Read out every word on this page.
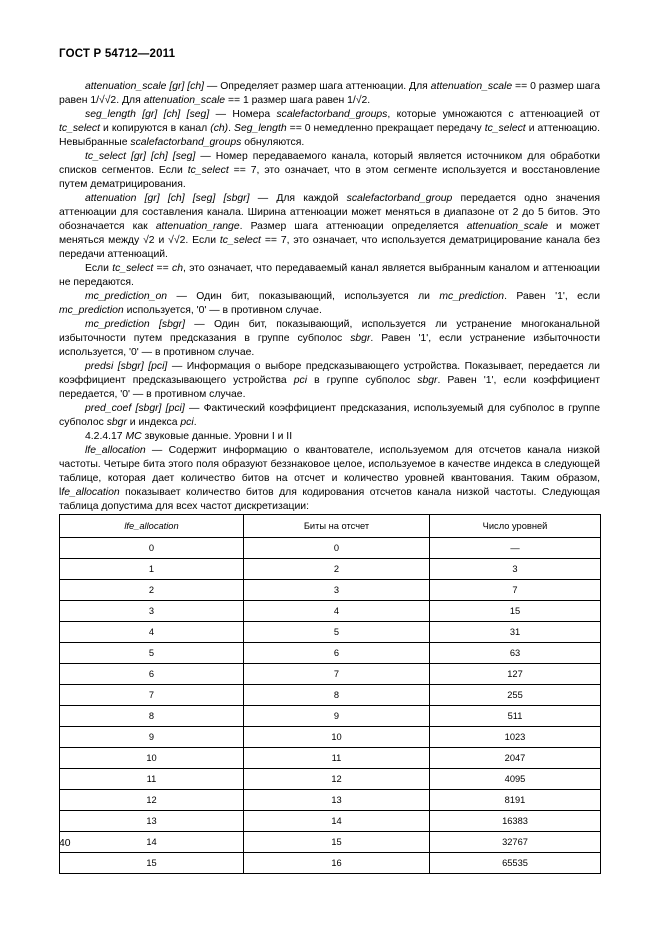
ГОСТ Р 54712—2011

attenuation_scale [gr] [ch] — Определяет размер шага аттенюации. Для attenuation_scale == 0 размер шага равен 1/√√2. Для attenuation_scale == 1 размер шага равен 1/√2.

seg_length [gr] [ch] [seg] — Номера scalefactorband_groups, которые умножаются с аттенюацией от tc_select и копируются в канал (ch). Seg_length == 0 немедленно прекращает передачу tc_select и аттенюацию. Невыбранные scalefactorband_groups обнуляются.

tc_select [gr] [ch] [seg] — Номер передаваемого канала, который является источником для обработки списков сегментов. Если tc_select == 7, это означает, что в этом сегменте используется и восстановление путем дематрицирования.

attenuation [gr] [ch] [seg] [sbgr] — Для каждой scalefactorband_group передается одно значения аттенюации для составления канала. Ширина аттенюации может меняться в диапазоне от 2 до 5 битов. Это обозначается как attenuation_range. Размер шага аттенюации определяется attenuation_scale и может меняться между √2 и √√2. Если tc_select == 7, это означает, что используется дематрицирование канала без передачи аттенюаций.

Если tc_select == ch, это означает, что передаваемый канал является выбранным каналом и аттенюации не передаются.

mc_prediction_on — Один бит, показывающий, используется ли mc_prediction. Равен '1', если mc_prediction используется, '0' — в противном случае.

mc_prediction [sbgr] — Один бит, показывающий, используется ли устранение многоканальной избыточности путем предсказания в группе субполос sbgr. Равен '1', если устранение избыточности используется, '0' — в противном случае.

predsi [sbgr] [pci] — Информация о выборе предсказывающего устройства. Показывает, передается ли коэффициент предсказывающего устройства pci в группе субполос sbgr. Равен '1', если коэффициент передается, '0' — в противном случае.

pred_coef [sbgr] [pci] — Фактический коэффициент предсказания, используемый для субполос в группе субполос sbgr и индекса pci.

4.2.4.17 MC звуковые данные. Уровни I и II

lfe_allocation — Содержит информацию о квантователе, используемом для отсчетов канала низкой частоты. Четыре бита этого поля образуют беззнаковое целое, используемое в качестве индекса в следующей таблице, которая дает количество битов на отсчет и количество уровней квантования. Таким образом, lfe_allocation показывает количество битов для кодирования отсчетов канала низкой частоты. Следующая таблица допустима для всех частот дискретизации:

lfe_allocation	Биты на отсчет	Число уровней
0	0	—
1	2	3
2	3	7
3	4	15
4	5	31
5	6	63
6	7	127
7	8	255
8	9	511
9	10	1023
10	11	2047
11	12	4095
12	13	8191
13	14	16383
14	15	32767
15	16	65535
40
